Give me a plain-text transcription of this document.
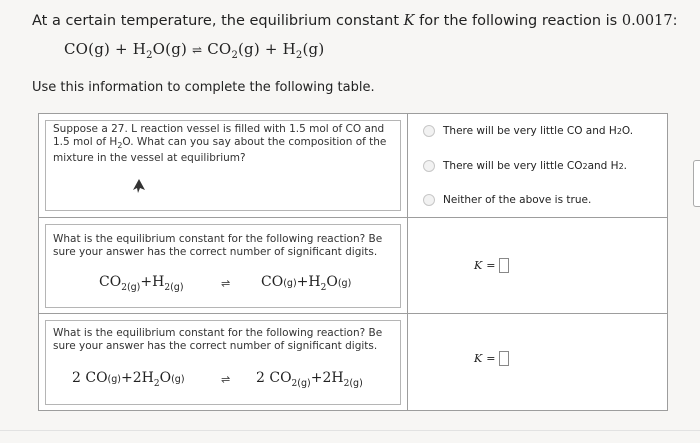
At a certain temperature, the equilibrium constant K for the following reaction is 0.0017:
$CO(g) + H_2O(g)$ ⇌ $CO_2(g) + H_2(g)$
Use this information to complete the following table.
Suppose a 27. L reaction vessel is filled with 1.5 mol of CO and
1.5 mol of $H_2O$. What can you say about the composition of the
mixture in the vessel at equilibrium?
There will be very little CO and H 2 O.
There will be very little CO 2 and H 2 .
Neither of the above is true.
What is the equilibrium constant for the following reaction? Be
sure your answer has the correct number of significant digits.
$CO_{2(g)}+H_{2(g)}$	⇌ $CO(g)+H_2O(g)$
K =
What is the equilibrium constant for the following reaction? Be
sure your answer has the correct number of significant digits.
2 $CO(g)+2H_2O(g)$	⇌ 2 $CO_{2(g)}+2H_{2(g)}$
K =
